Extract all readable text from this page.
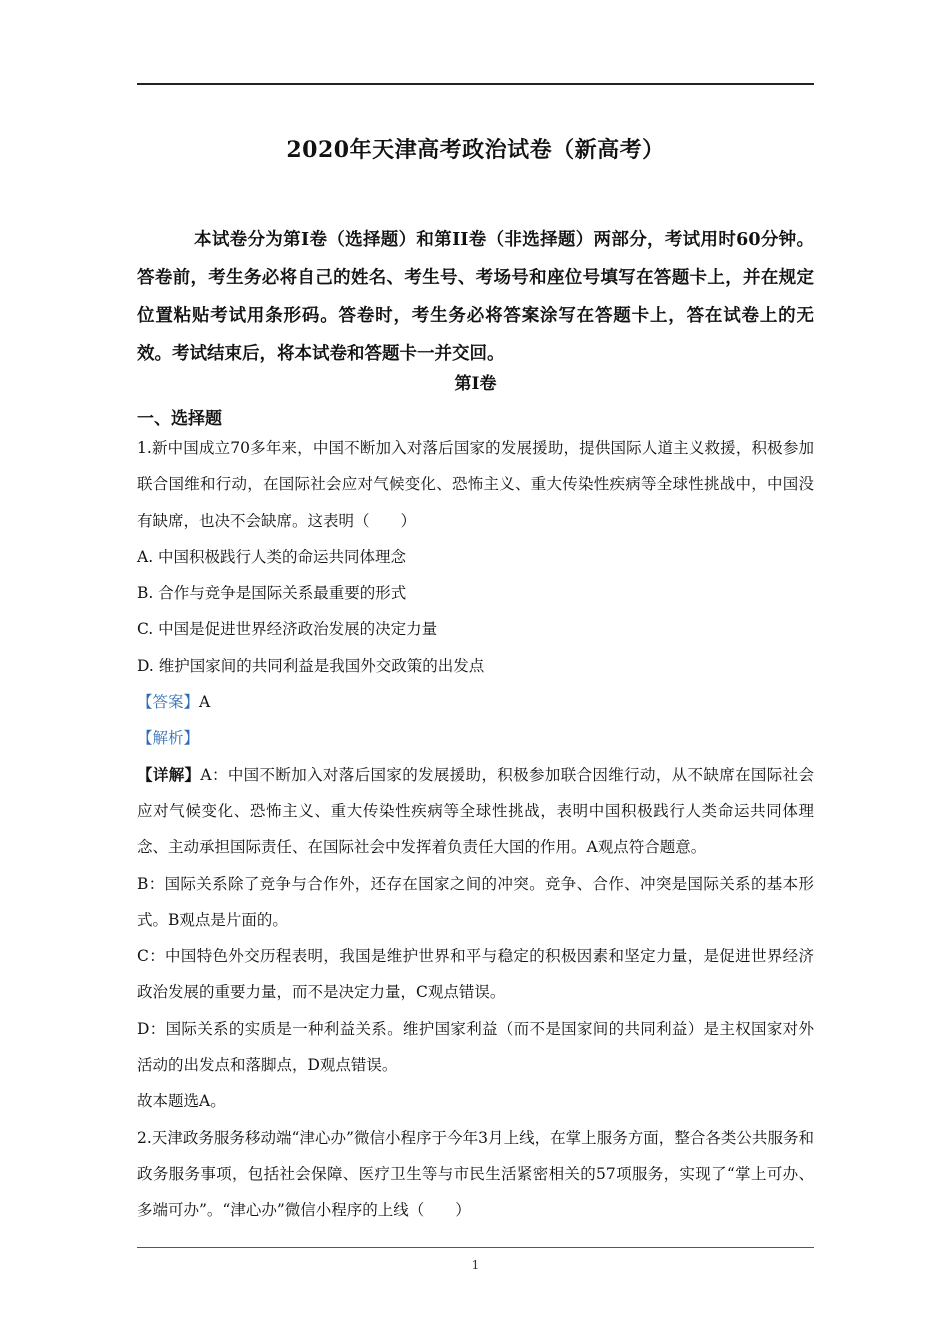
2020年天津高考政治试卷（新高考）
本试卷分为第I卷（选择题）和第II卷（非选择题）两部分，考试用时60分钟。答卷前，考生务必将自己的姓名、考生号、考场号和座位号填写在答题卡上，并在规定位置粘贴考试用条形码。答卷时，考生务必将答案涂写在答题卡上，答在试卷上的无效。考试结束后，将本试卷和答题卡一并交回。
第I卷
一、选择题

1.新中国成立70多年来，中国不断加入对落后国家的发展援助，提供国际人道主义救援，积极参加联合国维和行动，在国际社会应对气候变化、恐怖主义、重大传染性疾病等全球性挑战中，中国没有缺席，也决不会缺席。这表明（　　）

A. 中国积极践行人类的命运共同体理念

B. 合作与竞争是国际关系最重要的形式

C. 中国是促进世界经济政治发展的决定力量

D. 维护国家间的共同利益是我国外交政策的出发点

【答案】A

【解析】

【详解】A：中国不断加入对落后国家的发展援助，积极参加联合因维行动，从不缺席在国际社会应对气候变化、恐怖主义、重大传染性疾病等全球性挑战，表明中国积极践行人类命运共同体理念、主动承担国际责任、在国际社会中发挥着负责任大国的作用。A观点符合题意。

B：国际关系除了竞争与合作外，还存在国家之间的冲突。竞争、合作、冲突是国际关系的基本形式。B观点是片面的。

C：中国特色外交历程表明，我国是维护世界和平与稳定的积极因素和坚定力量，是促进世界经济政治发展的重要力量，而不是决定力量，C观点错误。

D：国际关系的实质是一种利益关系。维护国家利益（而不是国家间的共同利益）是主权国家对外活动的出发点和落脚点，D观点错误。

故本题选A。

2.天津政务服务移动端“津心办”微信小程序于今年3月上线，在掌上服务方面，整合各类公共服务和政务服务事项，包括社会保障、医疗卫生等与市民生活紧密相关的57项服务，实现了“掌上可办、多端可办”。“津心办”微信小程序的上线（　　）

1
